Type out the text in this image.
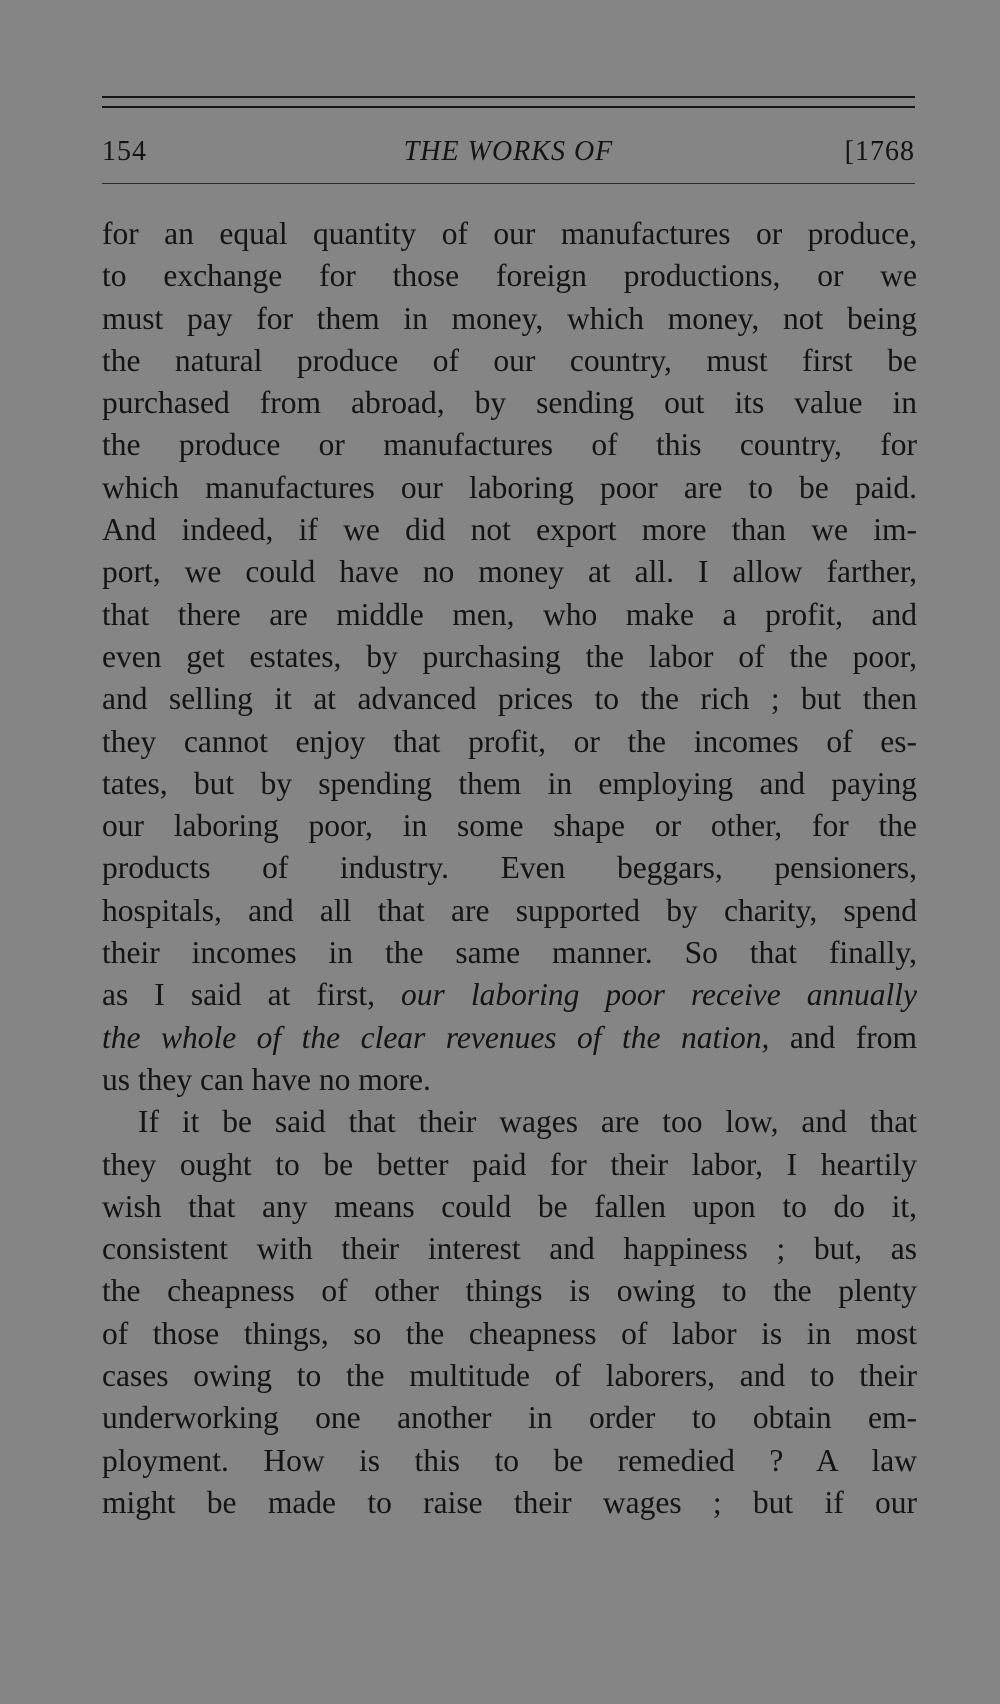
154	THE WORKS OF	[1768
for an equal quantity of our manufactures or produce,
to exchange for those foreign productions, or we
must pay for them in money, which money, not being
the natural produce of our country, must first be
purchased from abroad, by sending out its value in
the produce or manufactures of this country, for
which manufactures our laboring poor are to be paid.
And indeed, if we did not export more than we im-
port, we could have no money at all. I allow farther,
that there are middle men, who make a profit, and
even get estates, by purchasing the labor of the poor,
and selling it at advanced prices to the rich ; but then
they cannot enjoy that profit, or the incomes of es-
tates, but by spending them in employing and paying
our laboring poor, in some shape or other, for the
products of industry. Even beggars, pensioners,
hospitals, and all that are supported by charity, spend
their incomes in the same manner. So that finally,
as I said at first, our laboring poor receive annually
the whole of the clear revenues of the nation, and from
us they can have no more.
If it be said that their wages are too low, and that
they ought to be better paid for their labor, I heartily
wish that any means could be fallen upon to do it,
consistent with their interest and happiness ; but, as
the cheapness of other things is owing to the plenty
of those things, so the cheapness of labor is in most
cases owing to the multitude of laborers, and to their
underworking one another in order to obtain em-
ployment. How is this to be remedied ? A law
might be made to raise their wages ; but if our
